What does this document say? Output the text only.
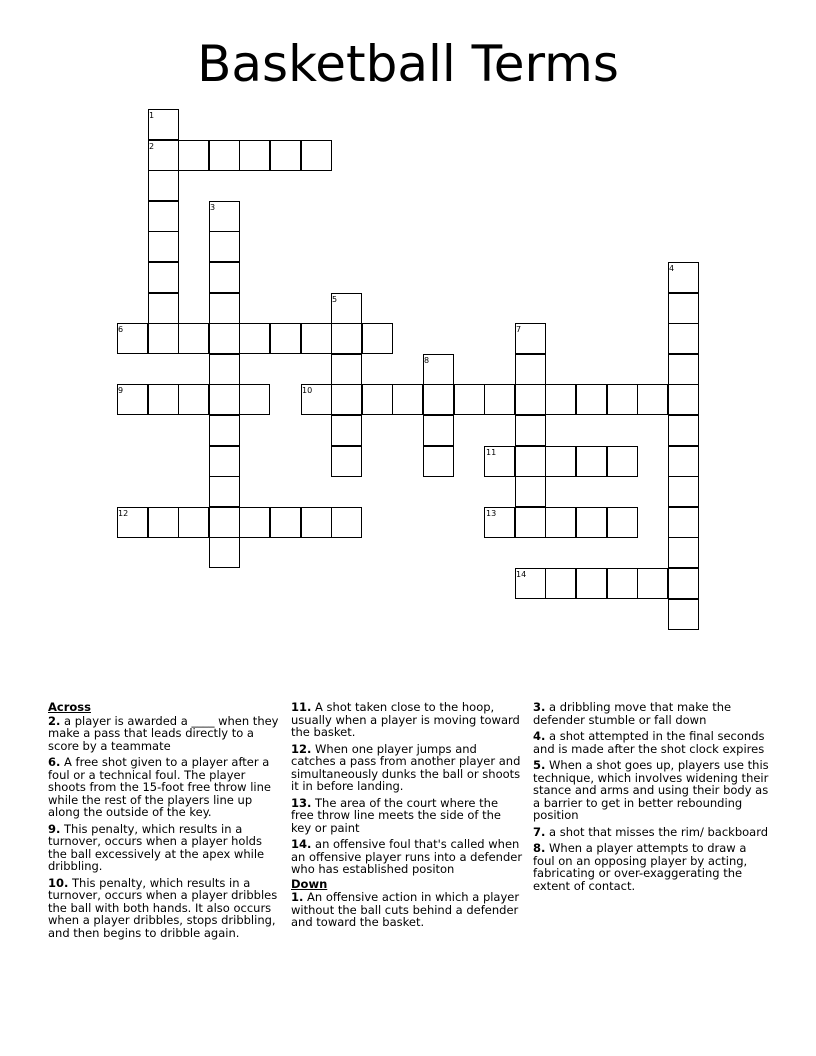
Basketball Terms
1
2
3
4
5
6	7
8
9	10
11
12	13
14
Across
2. a player is awarded a ____ when they make a pass that leads directly to a score by a teammate
6. A free shot given to a player after a foul or a technical foul. The player shoots from the 15-foot free throw line while the rest of the players line up along the outside of the key.
9. This penalty, which results in a turnover, occurs when a player holds the ball excessively at the apex while dribbling.
10. This penalty, which results in a turnover, occurs when a player dribbles the ball with both hands. It also occurs when a player dribbles, stops dribbling, and then begins to dribble again.
11. A shot taken close to the hoop, usually when a player is moving toward the basket.
12. When one player jumps and catches a pass from another player and simultaneously dunks the ball or shoots it in before landing.
13. The area of the court where the free throw line meets the side of the key or paint
14. an offensive foul that's called when an offensive player runs into a defender who has established positon
Down
1. An offensive action in which a player without the ball cuts behind a defender and toward the basket.
3. a dribbling move that make the defender stumble or fall down
4. a shot attempted in the final seconds and is made after the shot clock expires
5. When a shot goes up, players use this technique, which involves widening their stance and arms and using their body as a barrier to get in better rebounding position
7. a shot that misses the rim/ backboard
8. When a player attempts to draw a foul on an opposing player by acting, fabricating or over-exaggerating the extent of contact.
